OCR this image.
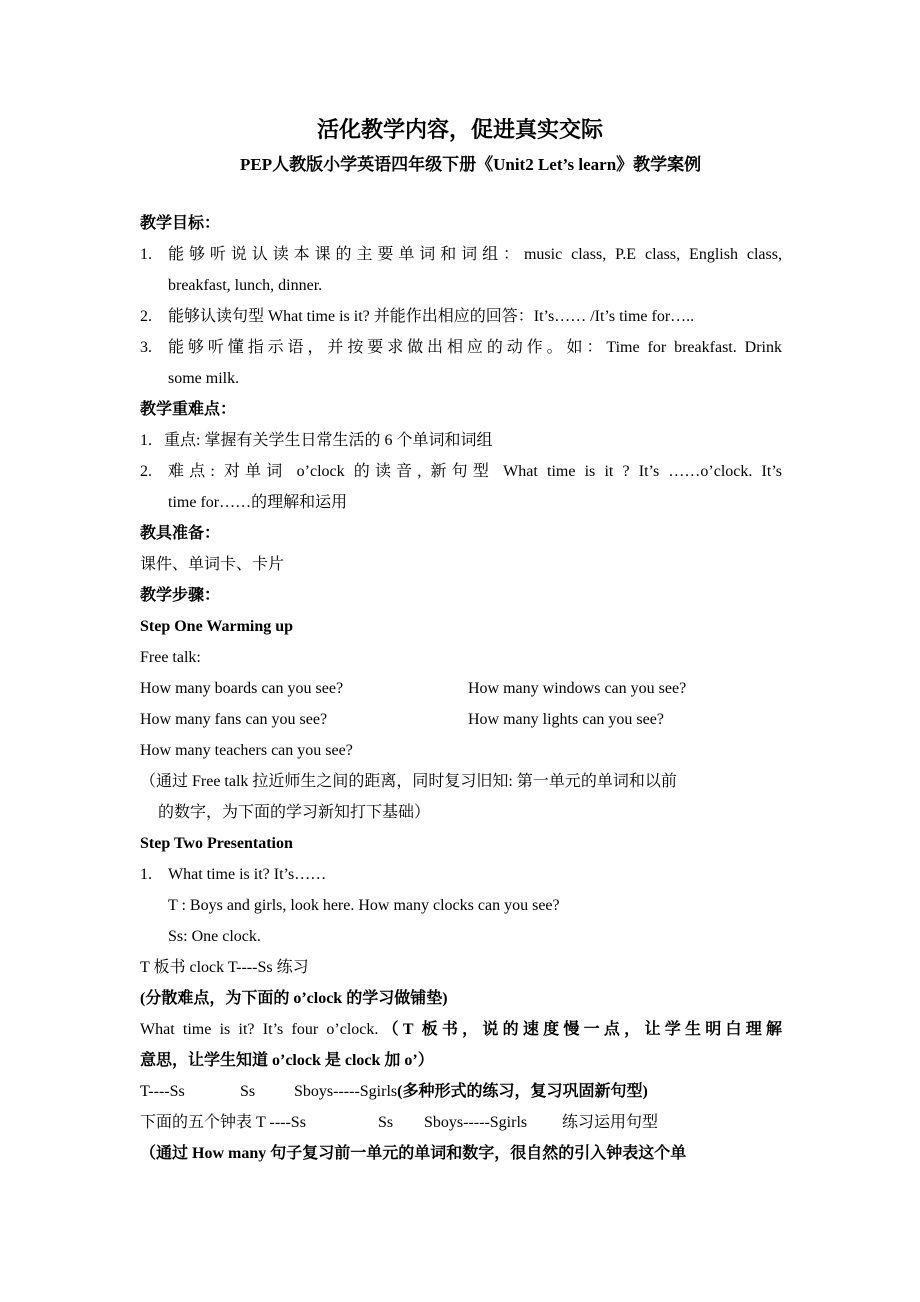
活化教学内容，促进真实交际
PEP人教版小学英语四年级下册《Unit2 Let’s learn》教学案例
教学目标：
1.	能够听说认读本课的主要单词和词组：music class, P.E class, English class,
breakfast, lunch, dinner.
2.	能够认读句型 What time is it? 并能作出相应的回答：It’s…… /It’s time for…..
3.	能够听懂指示语，并按要求做出相应的动作。如：Time for breakfast. Drink
some milk.
教学重难点：
1. 重点: 掌握有关学生日常生活的 6 个单词和词组
2.	难点: 对单词 o’clock 的读音, 新句型 What time is it ? It’s ……o’clock. It’s
time for……的理解和运用
教具准备：
课件、单词卡、卡片
教学步骤：
Step One Warming up
Free talk:
How many boards can you see?	How many windows can you see?
How many fans can you see?	How many lights can you see?
How many teachers can you see?
（通过 Free talk 拉近师生之间的距离，同时复习旧知: 第一单元的单词和以前
的数字，为下面的学习新知打下基础）
Step Two Presentation
1.	What time is it? It’s……
T : Boys and girls, look here. How many clocks can you see?
Ss: One clock.
T 板书 clock T----Ss 练习
(分散难点，为下面的 o’clock 的学习做铺垫)
What time is it? It’s four o’clock.（T 板书，说的速度慢一点，让学生明白理解
意思，让学生知道 o’clock 是 clock 加 o’）
T----Ss	Ss Sboys-----Sgirls(多种形式的练习，复习巩固新句型)
下面的五个钟表 T ----Ss	Ss Sboys-----Sgirls 练习运用句型
（通过 How many 句子复习前一单元的单词和数字，很自然的引入钟表这个单
